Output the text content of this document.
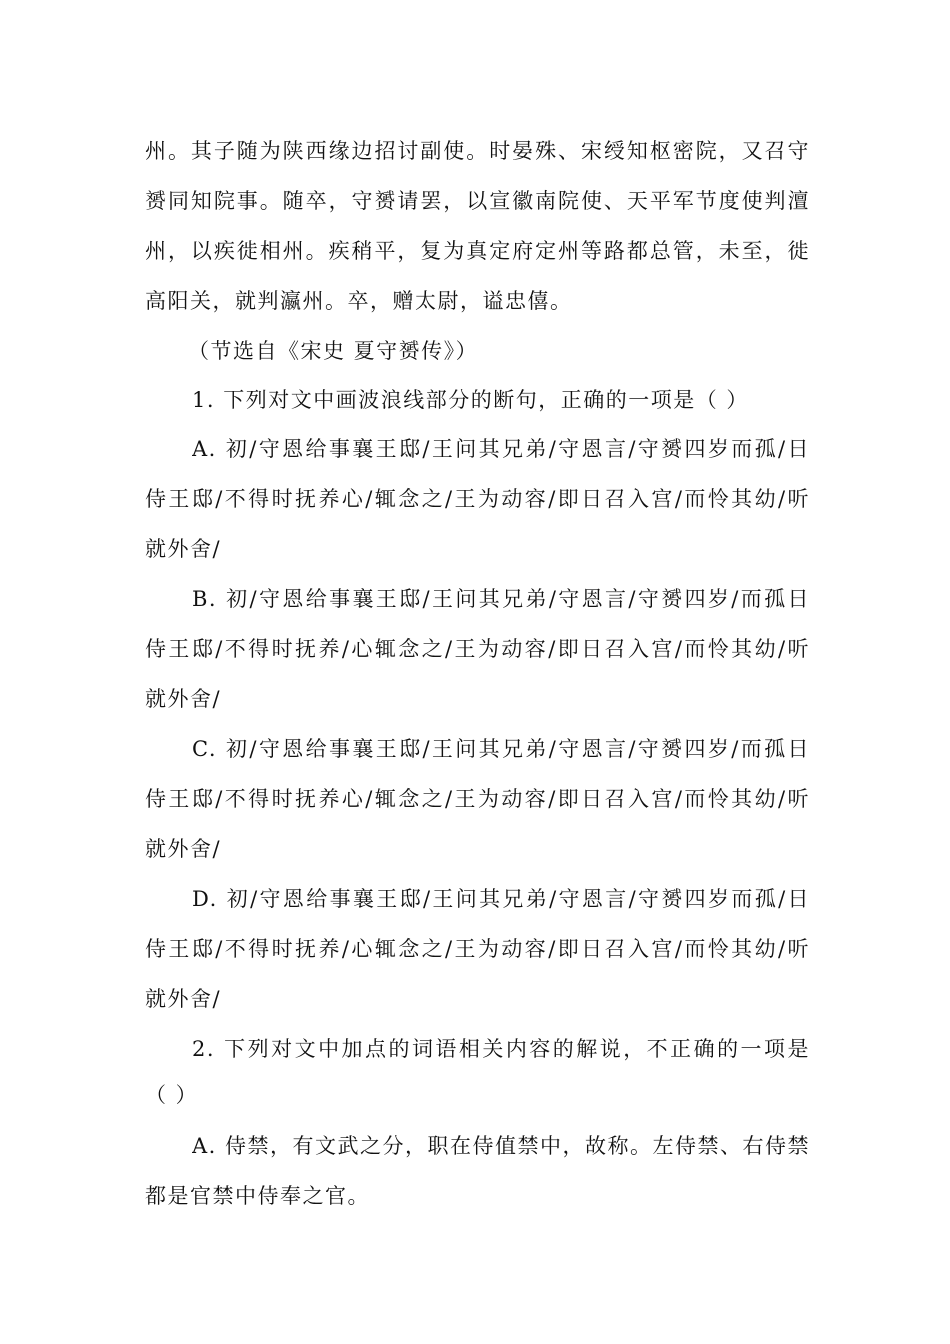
州。其子随为陕西缘边招讨副使。时晏殊、宋绶知枢密院，又召守
赟同知院事。随卒，守赟请罢，以宣徽南院使、天平军节度使判澶
州，以疾徙相州。疾稍平，复为真定府定州等路都总管，未至，徙
高阳关，就判瀛州。卒，赠太尉，谥忠僖。
（节选自《宋史 夏守赟传》）
1. 下列对文中画波浪线部分的断句，正确的一项是（ ）
A. 初/守恩给事襄王邸/王问其兄弟/守恩言/守赟四岁而孤/日
侍王邸/不得时抚养心/辄念之/王为动容/即日召入宫/而怜其幼/听
就外舍/
B. 初/守恩给事襄王邸/王问其兄弟/守恩言/守赟四岁/而孤日
侍王邸/不得时抚养/心辄念之/王为动容/即日召入宫/而怜其幼/听
就外舍/
C. 初/守恩给事襄王邸/王问其兄弟/守恩言/守赟四岁/而孤日
侍王邸/不得时抚养心/辄念之/王为动容/即日召入宫/而怜其幼/听
就外舍/
D. 初/守恩给事襄王邸/王问其兄弟/守恩言/守赟四岁而孤/日
侍王邸/不得时抚养/心辄念之/王为动容/即日召入宫/而怜其幼/听
就外舍/
2. 下列对文中加点的词语相关内容的解说，不正确的一项是
（ ）
A. 侍禁，有文武之分，职在侍值禁中，故称。左侍禁、右侍禁
都是官禁中侍奉之官。
